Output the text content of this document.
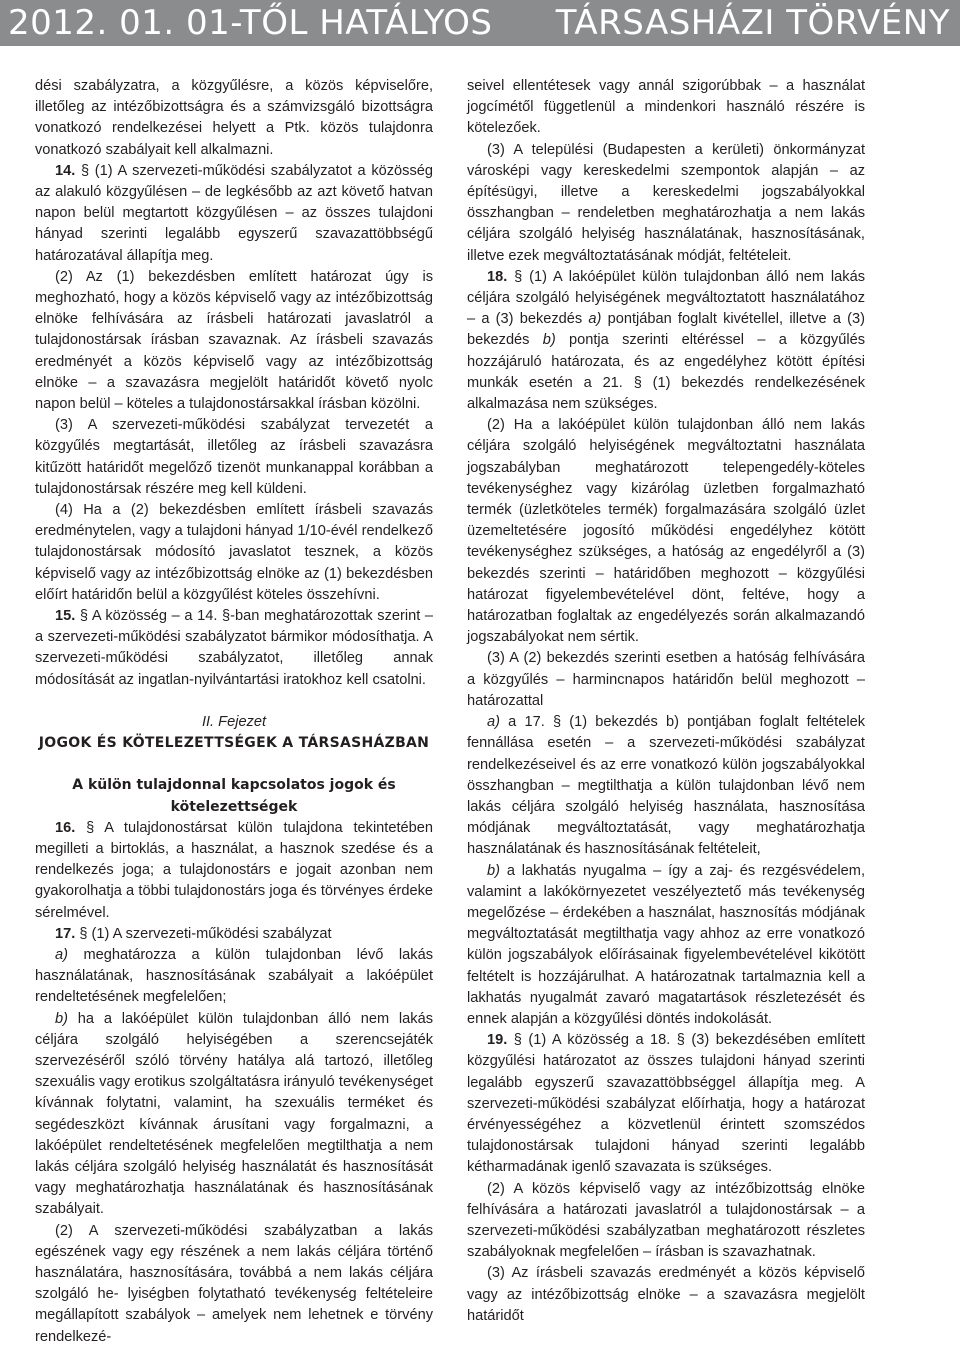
2012. 01. 01-TŐL HATÁLYOS TÁRSASHÁZI TÖRVÉNY

dési szabályzatra, a közgyűlésre, a közös képviselőre, illetőleg az intézőbizottságra és a számvizsgáló bizottságra vonatkozó rendelkezései helyett a Ptk. közös tulajdonra vonatkozó szabályait kell alkalmazni.

14. § (1) A szervezeti-működési szabályzatot a közösség az alakuló közgyűlésen – de legkésőbb az azt követő hatvan napon belül megtartott közgyűlésen – az összes tulajdoni hányad szerinti legalább egyszerű szavazattöbbségű határozatával állapítja meg.

(2) Az (1) bekezdésben említett határozat úgy is meghozható, hogy a közös képviselő vagy az intézőbizottság elnöke felhívására az írásbeli határozati javaslatról a tulajdonostársak írásban szavaznak. Az írásbeli szavazás eredményét a közös képviselő vagy az intézőbizottság elnöke – a szavazásra megjelölt határidőt követő nyolc napon belül – köteles a tulajdonostársakkal írásban közölni.

(3) A szervezeti-működési szabályzat tervezetét a közgyűlés megtartását, illetőleg az írásbeli szavazásra kitűzött határidőt megelőző tizenöt munkanappal korábban a tulajdonostársak részére meg kell küldeni.

(4) Ha a (2) bekezdésben említett írásbeli szavazás eredménytelen, vagy a tulajdoni hányad 1/10-évél rendelkező tulajdonostársak módosító javaslatot tesznek, a közös képviselő vagy az intézőbizottság elnöke az (1) bekezdésben előírt határidőn belül a közgyűlést köteles összehívni.

15. § A közösség – a 14. §-ban meghatározottak szerint – a szervezeti-működési szabályzatot bármikor módosíthatja. A szervezeti-működési szabályzatot, illetőleg annak módosítását az ingatlan-nyilvántartási iratokhoz kell csatolni.

II. Fejezet

JOGOK ÉS KÖTELEZETTSÉGEK A TÁRSASHÁZBAN

A külön tulajdonnal kapcsolatos jogok és kötelezettségek

16. § A tulajdonostársat külön tulajdona tekintetében megilleti a birtoklás, a használat, a hasznok szedése és a rendelkezés joga; a tulajdonostárs e jogait azonban nem gyakorolhatja a többi tulajdonostárs joga és törvényes érdeke sérelmével.

17. § (1) A szervezeti-működési szabályzat

a) meghatározza a külön tulajdonban lévő lakás használatának, hasznosításának szabályait a lakóépület rendeltetésének megfelelően;

b) ha a lakóépület külön tulajdonban álló nem lakás céljára szolgáló helyiségében a szerencsejáték szervezéséről szóló törvény hatálya alá tartozó, illetőleg szexuális vagy erotikus szolgáltatásra irányuló tevékenységet kívánnak folytatni, valamint, ha szexuális terméket és segédeszközt kívánnak árusítani vagy forgalmazni, a lakóépület rendeltetésének megfelelően megtilthatja a nem lakás céljára szolgáló helyiség használatát és hasznosítását vagy meghatározhatja használatának és hasznosításának szabályait.

(2) A szervezeti-működési szabályzatban a lakás egészének vagy egy részének a nem lakás céljára történő használatára, hasznosítására, továbbá a nem lakás céljára szolgáló he- lyiségben folytatható tevékenység feltételeire megállapított szabályok – amelyek nem lehetnek e törvény rendelkezé-

seivel ellentétesek vagy annál szigorúbbak – a használat jogcímétől függetlenül a mindenkori használó részére is kötelezőek.

(3) A települési (Budapesten a kerületi) önkormányzat városképi vagy kereskedelmi szempontok alapján – az építésügyi, illetve a kereskedelmi jogszabályokkal összhangban – rendeletben meghatározhatja a nem lakás céljára szolgáló helyiség használatának, hasznosításának, illetve ezek megváltoztatásának módját, feltételeit.

18. § (1) A lakóépület külön tulajdonban álló nem lakás céljára szolgáló helyiségének megváltoztatott használatához – a (3) bekezdés a) pontjában foglalt kivétellel, illetve a (3) bekezdés b) pontja szerinti eltéréssel – a közgyűlés hozzájáruló határozata, és az engedélyhez kötött építési munkák esetén a 21. § (1) bekezdés rendelkezésének alkalmazása nem szükséges.

(2) Ha a lakóépület külön tulajdonban álló nem lakás céljára szolgáló helyiségének megváltoztatni használata jogszabályban meghatározott telepengedély-köteles tevékenységhez vagy kizárólag üzletben forgalmazható termék (üzletköteles termék) forgalmazására szolgáló üzlet üzemeltetésére jogosító működési engedélyhez kötött tevékenységhez szükséges, a hatóság az engedélyről a (3) bekezdés szerinti – határidőben meghozott – közgyűlési határozat figyelembevételével dönt, feltéve, hogy a határozatban foglaltak az engedélyezés során alkalmazandó jogszabályokat nem sértik.

(3) A (2) bekezdés szerinti esetben a hatóság felhívására a közgyűlés – harmincnapos határidőn belül meghozott – határozattal

a) a 17. § (1) bekezdés b) pontjában foglalt feltételek fennállása esetén – a szervezeti-működési szabályzat rendelkezéseivel és az erre vonatkozó külön jogszabályokkal összhangban – megtilthatja a külön tulajdonban lévő nem lakás céljára szolgáló helyiség használata, hasznosítása módjának megváltoztatását, vagy meghatározhatja használatának és hasznosításának feltételeit,

b) a lakhatás nyugalma – így a zaj- és rezgésvédelem, valamint a lakókörnyezetet veszélyeztető más tevékenység megelőzése – érdekében a használat, hasznosítás módjának megváltoztatását megtilthatja vagy ahhoz az erre vonatkozó külön jogszabályok előírásainak figyelembevételével kikötött feltételt is hozzájárulhat. A határozatnak tartalmaznia kell a lakhatás nyugalmát zavaró magatartások részletezését és ennek alapján a közgyűlési döntés indokolását.

19. § (1) A közösség a 18. § (3) bekezdésében említett közgyűlési határozatot az összes tulajdoni hányad szerinti legalább egyszerű szavazattöbbséggel állapítja meg. A szervezeti-működési szabályzat előírhatja, hogy a határozat érvényességéhez a közvetlenül érintett szomszédos tulajdonostársak tulajdoni hányad szerinti legalább kétharmadának igenlő szavazata is szükséges.

(2) A közös képviselő vagy az intézőbizottság elnöke felhívására a határozati javaslatról a tulajdonostársak – a szervezeti-működési szabályzatban meghatározott részletes szabályoknak megfelelően – írásban is szavazhatnak.

(3) Az írásbeli szavazás eredményét a közös képviselő vagy az intézőbizottság elnöke – a szavazásra megjelölt határidőt
